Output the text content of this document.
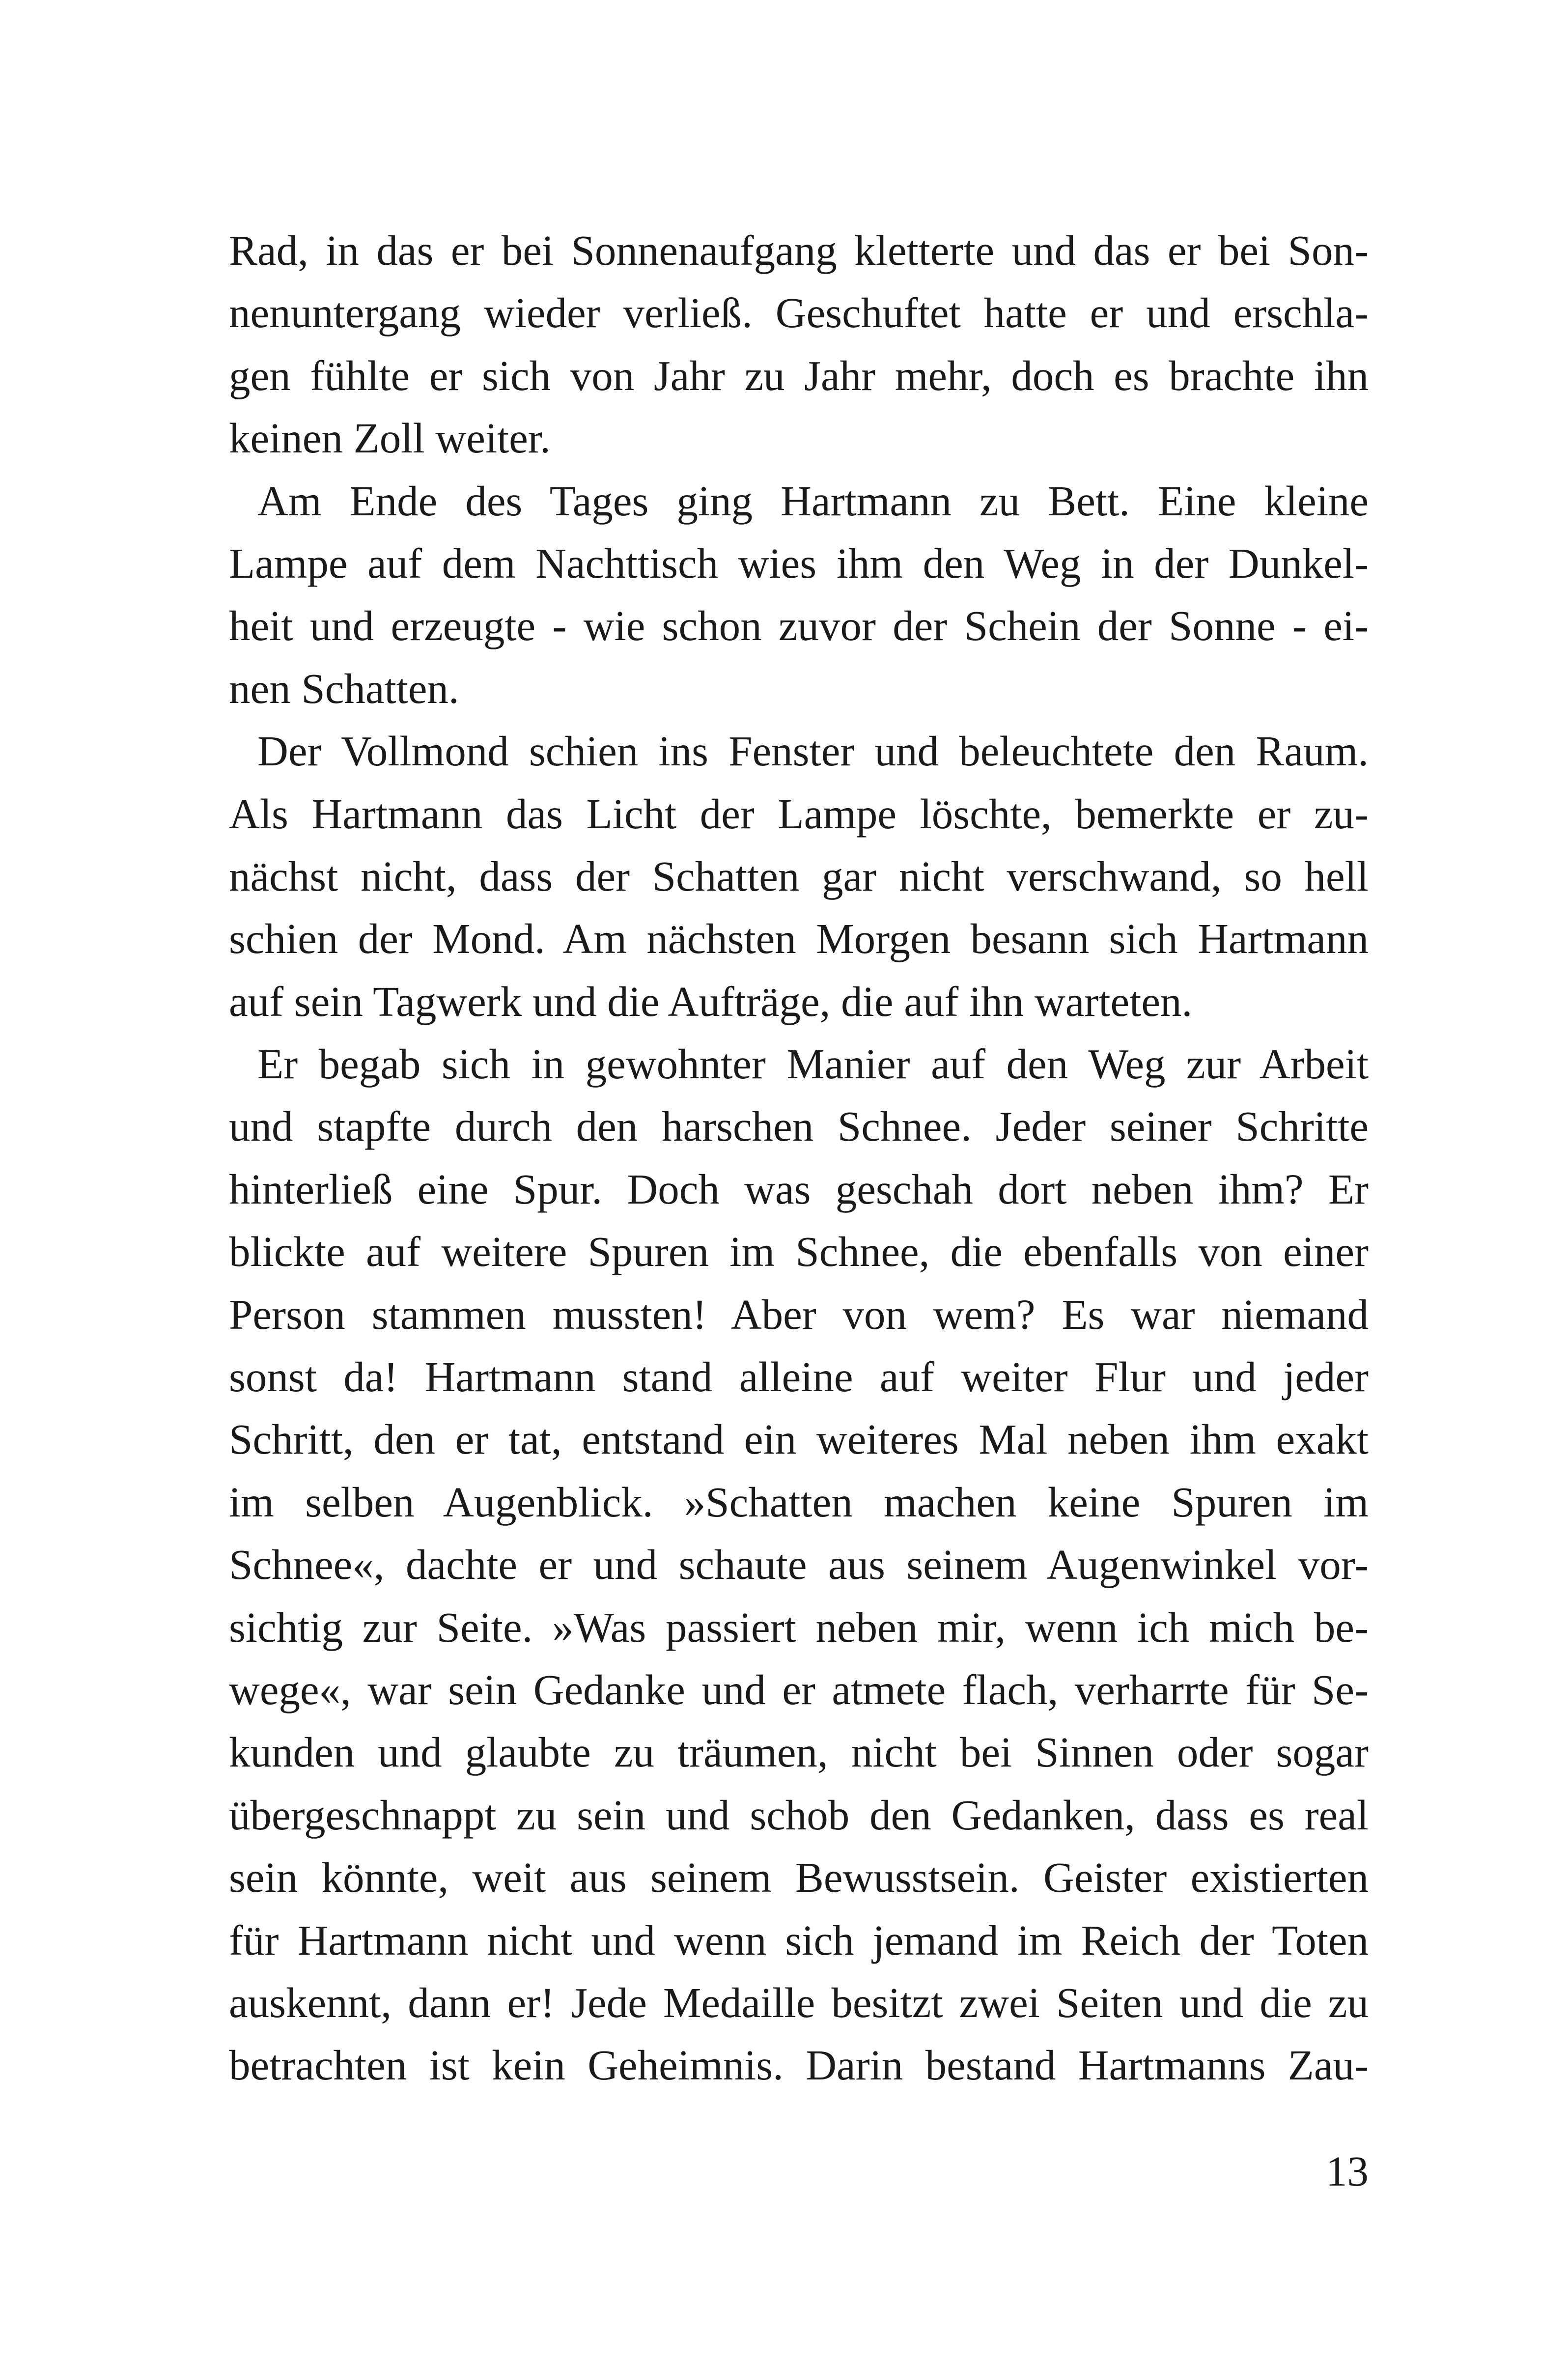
Rad, in das er bei Sonnenaufgang kletterte und das er bei Son-
nenuntergang wieder verließ. Geschuftet hatte er und erschla-
gen fühlte er sich von Jahr zu Jahr mehr, doch es brachte ihn
keinen Zoll weiter.
Am Ende des Tages ging Hartmann zu Bett. Eine kleine
Lampe auf dem Nachttisch wies ihm den Weg in der Dunkel-
heit und erzeugte - wie schon zuvor der Schein der Sonne - ei-
nen Schatten.
Der Vollmond schien ins Fenster und beleuchtete den Raum.
Als Hartmann das Licht der Lampe löschte, bemerkte er zu-
nächst nicht, dass der Schatten gar nicht verschwand, so hell
schien der Mond. Am nächsten Morgen besann sich Hartmann
auf sein Tagwerk und die Aufträge, die auf ihn warteten.
Er begab sich in gewohnter Manier auf den Weg zur Arbeit
und stapfte durch den harschen Schnee. Jeder seiner Schritte
hinterließ eine Spur. Doch was geschah dort neben ihm? Er
blickte auf weitere Spuren im Schnee, die ebenfalls von einer
Person stammen mussten! Aber von wem? Es war niemand
sonst da! Hartmann stand alleine auf weiter Flur und jeder
Schritt, den er tat, entstand ein weiteres Mal neben ihm exakt
im selben Augenblick. »Schatten machen keine Spuren im
Schnee«, dachte er und schaute aus seinem Augenwinkel vor-
sichtig zur Seite. »Was passiert neben mir, wenn ich mich be-
wege«, war sein Gedanke und er atmete flach, verharrte für Se-
kunden und glaubte zu träumen, nicht bei Sinnen oder sogar
übergeschnappt zu sein und schob den Gedanken, dass es real
sein könnte, weit aus seinem Bewusstsein. Geister existierten
für Hartmann nicht und wenn sich jemand im Reich der Toten
auskennt, dann er! Jede Medaille besitzt zwei Seiten und die zu
betrachten ist kein Geheimnis. Darin bestand Hartmanns Zau-
13
